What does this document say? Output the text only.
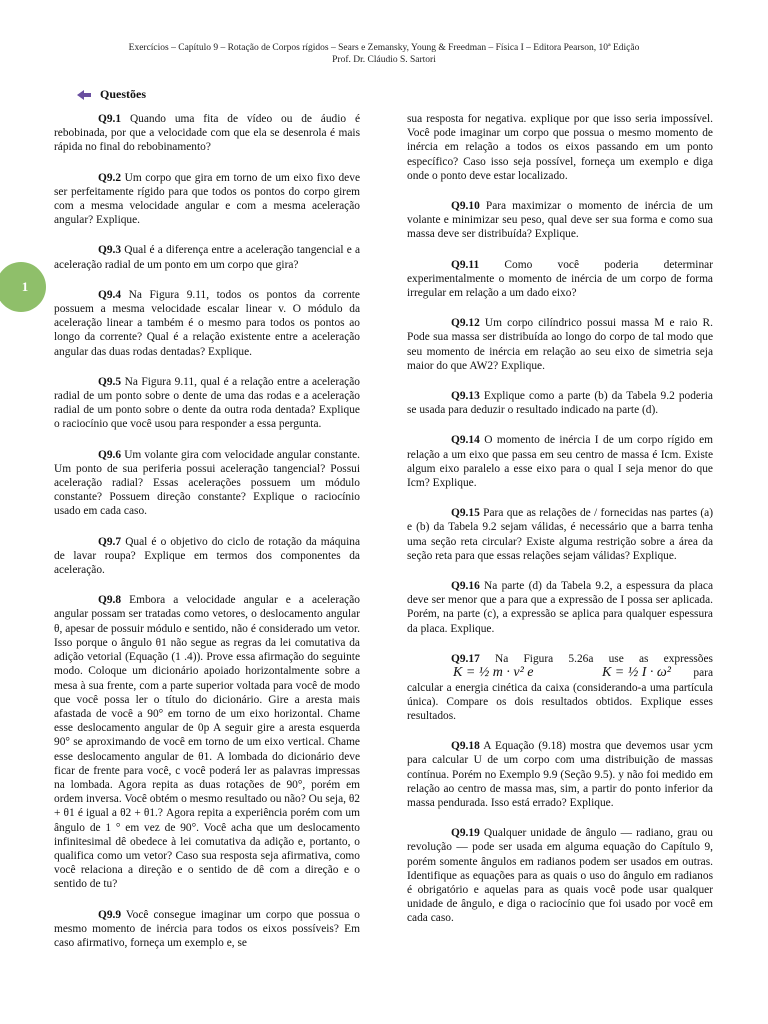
Exercícios – Capítulo 9 – Rotação de Corpos rígidos – Sears e Zemansky, Young & Freedman – Física I – Editora Pearson, 10ª Edição
Prof. Dr. Cláudio S. Sartori
1
Questões

Q9.1 Quando uma fita de vídeo ou de áudio é rebobinada, por que a velocidade com que ela se desenrola é mais rápida no final do rebobinamento?

Q9.2 Um corpo que gira em torno de um eixo fixo deve ser perfeitamente rígido para que todos os pontos do corpo girem com a mesma velocidade angular e com a mesma aceleração angular? Explique.

Q9.3 Qual é a diferença entre a aceleração tangencial e a aceleração radial de um ponto em um corpo que gira?

Q9.4 Na Figura 9.11, todos os pontos da corrente possuem a mesma velocidade escalar linear v. O módulo da aceleração linear a também é o mesmo para todos os pontos ao longo da corrente? Qual é a relação existente entre a aceleração angular das duas rodas dentadas? Explique.

Q9.5 Na Figura 9.11, qual é a relação entre a aceleração radial de um ponto sobre o dente de uma das rodas e a aceleração radial de um ponto sobre o dente da outra roda dentada? Explique o raciocínio que você usou para responder a essa pergunta.

Q9.6 Um volante gira com velocidade angular constante. Um ponto de sua periferia possui aceleração tangencial? Possui aceleração radial? Essas acelerações possuem um módulo constante? Possuem direção constante? Explique o raciocínio usado em cada caso.

Q9.7 Qual é o objetivo do ciclo de rotação da máquina de lavar roupa? Explique em termos dos componentes da aceleração.

Q9.8 Embora a velocidade angular e a aceleração angular possam ser tratadas como vetores, o deslocamento angular θ, apesar de possuir módulo e sentido, não é considerado um vetor. Isso porque o ângulo θ1 não segue as regras da lei comutativa da adição vetorial (Equação (1 .4)). Prove essa afirmação do seguinte modo. Coloque um dicionário apoiado horizontalmente sobre a mesa à sua frente, com a parte superior voltada para você de modo que você possa ler o título do dicionário. Gire a aresta mais afastada de você a 90° em torno de um eixo horizontal. Chame esse deslocamento angular de 0p A seguir gire a aresta esquerda 90° se aproximando de você em torno de um eixo vertical. Chame esse deslocamento angular de θ1. A lombada do dicionário deve ficar de frente para você, c você poderá ler as palavras impressas na lombada. Agora repita as duas rotações de 90°, porém em ordem inversa. Você obtém o mesmo resultado ou não? Ou seja, θ2 + θ1 é igual a θ2 + θ1.? Agora repita a experiência porém com um ângulo de 1 ° em vez de 90°. Você acha que um deslocamento infinitesimal dê obedece à lei comutativa da adição e, portanto, o qualifica como um vetor? Caso sua resposta seja afirmativa, como você relaciona a direção e o sentido de dê com a direção e o sentido de tu?

Q9.9 Você consegue imaginar um corpo que possua o mesmo momento de inércia para todos os eixos possíveis? Em caso afirmativo, forneça um exemplo e, se

sua resposta for negativa. explique por que isso seria impossível. Você pode imaginar um corpo que possua o mesmo momento de inércia em relação a todos os eixos passando em um ponto específico? Caso isso seja possível, forneça um exemplo e diga onde o ponto deve estar localizado.

Q9.10 Para maximizar o momento de inércia de um volante e minimizar seu peso, qual deve ser sua forma e como sua massa deve ser distribuída? Explique.

Q9.11 Como você poderia determinar experimentalmente o momento de inércia de um corpo de forma irregular em relação a um dado eixo?

Q9.12 Um corpo cilíndrico possui massa M e raio R. Pode sua massa ser distribuída ao longo do corpo de tal modo que seu momento de inércia em relação ao seu eixo de simetria seja maior do que AW2? Explique.

Q9.13 Explique como a parte (b) da Tabela 9.2 poderia se usada para deduzir o resultado indicado na parte (d).

Q9.14 O momento de inércia I de um corpo rígido em relação a um eixo que passa em seu centro de massa é Icm. Existe algum eixo paralelo a esse eixo para o qual I seja menor do que Icm? Explique.

Q9.15 Para que as relações de / fornecidas nas partes (a) e (b) da Tabela 9.2 sejam válidas, é necessário que a barra tenha uma seção reta circular? Existe alguma restrição sobre a área da seção reta para que essas relações sejam válidas? Explique.

Q9.16 Na parte (d) da Tabela 9.2, a espessura da placa deve ser menor que a para que a expressão de I possa ser aplicada. Porém, na parte (c), a expressão se aplica para qualquer espessura da placa. Explique.

Q9.17 Na Figura 5.26a use as expressões K = ½ m · v² e	K = ½ I · ω² para calcular a energia cinética da caixa (considerando-a uma partícula única). Compare os dois resultados obtidos. Explique esses resultados.

Q9.18 A Equação (9.18) mostra que devemos usar ycm para calcular U de um corpo com uma distribuição de massas contínua. Porém no Exemplo 9.9 (Seção 9.5). y não foi medido em relação ao centro de massa mas, sim, a partir do ponto inferior da massa pendurada. Isso está errado? Explique.

Q9.19 Qualquer unidade de ângulo — radiano, grau ou revolução — pode ser usada em alguma equação do Capítulo 9, porém somente ângulos em radianos podem ser usados em outras. Identifique as equações para as quais o uso do ângulo em radianos é obrigatório e aquelas para as quais você pode usar qualquer unidade de ângulo, e diga o raciocínio que foi usado por você em cada caso.
